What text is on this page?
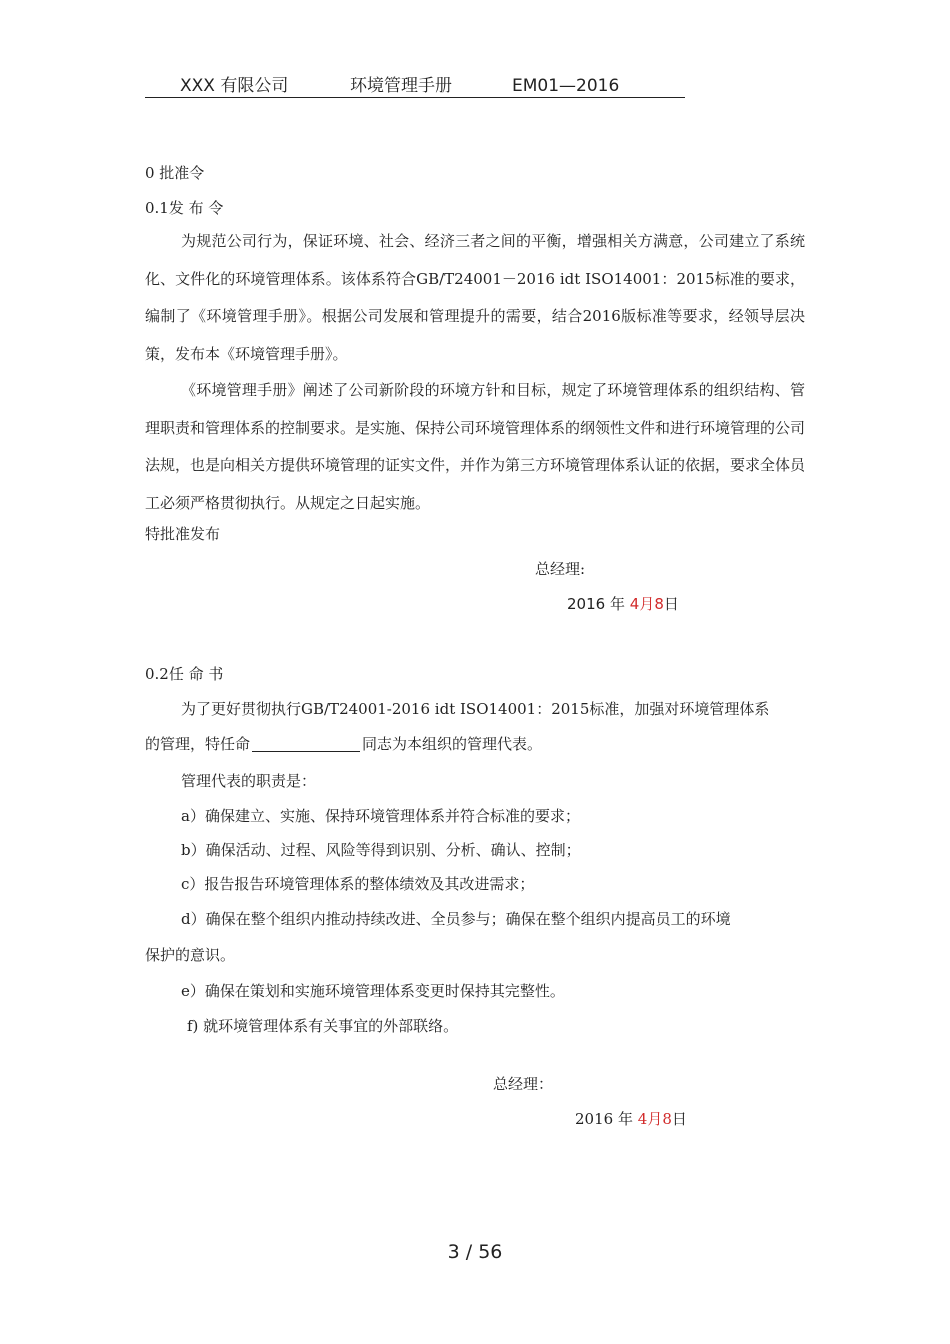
XXX 有限公司	环境管理手册	EM01—2016
0 批准令
0.1发 布 令

为规范公司行为，保证环境、社会、经济三者之间的平衡，增强相关方满意，公司建立了系统化、文件化的环境管理体系。该体系符合GB/T24001－2016 idt ISO14001：2015标准的要求，编制了《环境管理手册》。根据公司发展和管理提升的需要，结合2016版标准等要求，经领导层决策，发布本《环境管理手册》。

《环境管理手册》阐述了公司新阶段的环境方针和目标，规定了环境管理体系的组织结构、管理职责和管理体系的控制要求。是实施、保持公司环境管理体系的纲领性文件和进行环境管理的公司法规，也是向相关方提供环境管理的证实文件，并作为第三方环境管理体系认证的依据，要求全体员工必须严格贯彻执行。从规定之日起实施。

特批准发布
总经理:
2016 年 4月8日
0.2任 命 书
为了更好贯彻执行GB/T24001-2016 idt ISO14001：2015标准，加强对环境管理体系
的管理，特任命	同志为本组织的管理代表。
管理代表的职责是：
a）确保建立、实施、保持环境管理体系并符合标准的要求；
b）确保活动、过程、风险等得到识别、分析、确认、控制；
c）报告报告环境管理体系的整体绩效及其改进需求；
d）确保在整个组织内推动持续改进、全员参与；确保在整个组织内提高员工的环境
保护的意识。
e）确保在策划和实施环境管理体系变更时保持其完整性。
f) 就环境管理体系有关事宜的外部联络。
总经理：
2016 年 4月8日
3 / 56
